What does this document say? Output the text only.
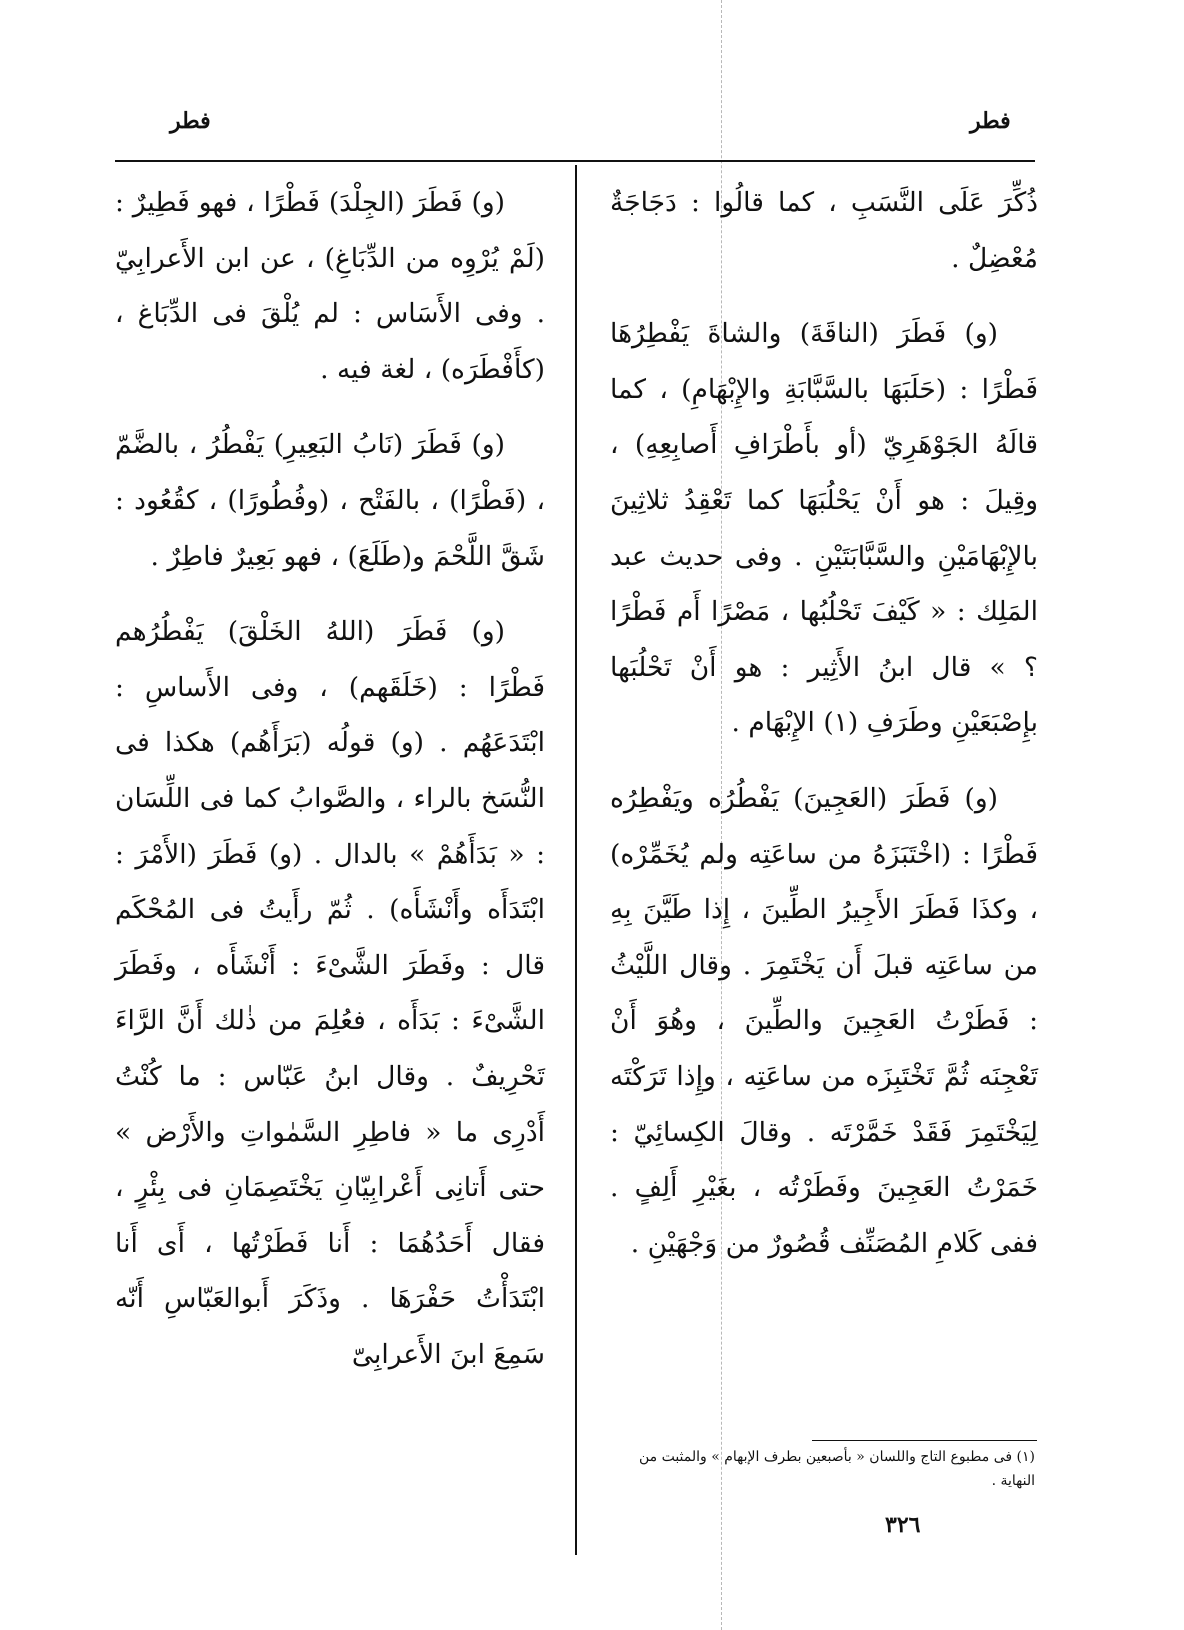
فطر	فطر

ذُكِّرَ عَلَى النَّسَبِ ، كما قالُوا : دَجَاجَةٌ مُعْضِلٌ .

(و) فَطَرَ (الناقَةَ) والشاةَ يَفْطِرُهَا فَطْرًا : (حَلَبَهَا بالسَّبَّابَةِ والإِبْهَامِ) ، كما قالَهُ الجَوْهَرِيّ (أو بأَطْرَافِ أَصابِعِهِ) ، وقِيلَ : هو أَنْ يَحْلُبَهَا كما تَعْقِدُ ثلاثِينَ بالإِبْهَامَيْنِ والسَّبَّابَتَيْنِ . وفى حديث عبد المَلِك : « كَيْفَ تَحْلُبُها ، مَصْرًا أَم فَطْرًا ؟ » قال ابنُ الأَثِير : هو أَنْ تَحْلُبَها بإِصْبَعَيْنِ وطَرَفِ (١) الإِبْهَام .

(و) فَطَرَ (العَجِينَ) يَفْطُرُه ويَفْطِرُه فَطْرًا : (اخْتَبَزَهُ من ساعَتِه ولم يُخَمِّرْه) ، وكذَا فَطَرَ الأَجِيرُ الطِّينَ ، إِذا طَيَّنَ بِهِ من ساعَتِه قبلَ أَن يَخْتَمِرَ . وقال اللَّيْثُ : فَطَرْتُ العَجِينَ والطِّينَ ، وهُوَ أَنْ تَعْجِنَه ثُمَّ تَخْتَبِزَه من ساعَتِه ، وإِذا تَرَكْتَه لِيَخْتَمِرَ فَقَدْ خَمَّرْتَه . وقالَ الكِسائِيّ : خَمَرْتُ العَجِينَ وفَطَرْتُه ، بغَيْرِ أَلِفٍ . ففى كَلامِ المُصَنِّف قُصُورٌ من وَجْهَيْنِ .

(و) فَطَرَ (الجِلْدَ) فَطْرًا ، فهو فَطِيرٌ : (لَمْ يُرْوِه من الدِّبَاغِ) ، عن ابن الأَعرابِيّ . وفى الأَسَاس : لم يُلْقَ فى الدِّبَاغ ، (كأَفْطَرَه) ، لغة فيه .

(و) فَطَرَ (نَابُ البَعِيرِ) يَفْطُرُ ، بالضَّمّ ، (فَطْرًا) ، بالفَتْح ، (وفُطُورًا) ، كقُعُود : شَقَّ اللَّحْمَ و(طَلَعَ) ، فهو بَعِيرٌ فاطِرٌ .

(و) فَطَرَ (اللهُ الخَلْقَ) يَفْطُرُهم فَطْرًا : (خَلَقَهم) ، وفى الأَساسِ : ابْتَدَعَهُم . (و) قولُه (بَرَأَهُم) هكذا فى النُّسَخ بالراء ، والصَّوابُ كما فى اللِّسَان : « بَدَأَهُمْ » بالدال . (و) فَطَرَ (الأَمْرَ : ابْتَدَأَه وأَنْشَأَه) . ثُمّ رأَيتُ فى المُحْكَم قال : وفَطَرَ الشَّىْءَ : أَنْشَأَه ، وفَطَرَ الشَّىْءَ : بَدَأَه ، فعُلِمَ من ذٰلك أَنَّ الرَّاءَ تَحْرِيفٌ . وقال ابنُ عَبّاس : ما كُنْتُ أَدْرِى ما « فاطِرِ السَّمٰواتِ والأَرْض » حتى أَتانِى أَعْرابِيّانِ يَخْتَصِمَانِ فى بِئْرٍ ، فقال أَحَدُهُمَا : أَنا فَطَرْتُها ، أَى أَنا ابْتَدَأْتُ حَفْرَهَا . وذَكَرَ أَبوالعَبّاسِ أَنّه سَمِعَ ابنَ الأَعرابِىّ

(١) فى مطبوع التاج واللسان « بأصبعين بطرف الإبهام » والمثبت من النهاية .
٣٢٦
